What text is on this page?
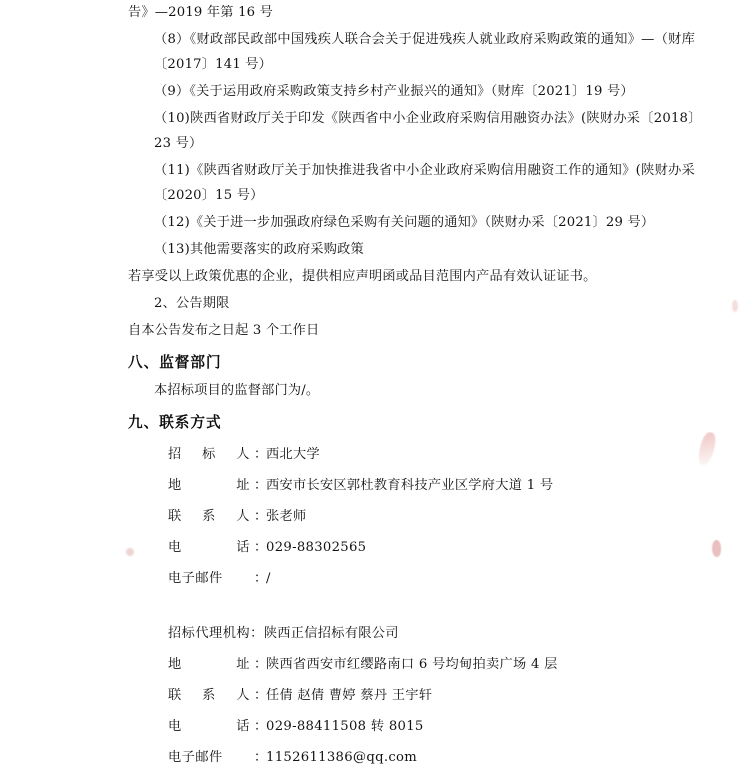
告》—2019 年第 16 号

（8）《财政部民政部中国残疾人联合会关于促进残疾人就业政府采购政策的通知》—（财库〔2017〕141 号）

（9）《关于运用政府采购政策支持乡村产业振兴的通知》（财库〔2021〕19 号）

（10)陕西省财政厅关于印发《陕西省中小企业政府采购信用融资办法》(陕财办采〔2018〕23 号）

（11)《陕西省财政厅关于加快推进我省中小企业政府采购信用融资工作的通知》(陕财办采〔2020〕15 号）

（12)《关于进一步加强政府绿色采购有关问题的通知》（陕财办采〔2021〕29 号）

（13)其他需要落实的政府采购政策

若享受以上政策优惠的企业，提供相应声明函或品目范围内产品有效认证证书。

2、公告期限

自本公告发布之日起 3 个工作日

八、监督部门

本招标项目的监督部门为/。

九、联系方式
招 标 人 ：
西北大学
地 址 ：
西安市长安区郭杜教育科技产业区学府大道 1 号
联 系 人 ：
张老师
电 话 ：
029-88302565
电子邮件	：
/
招标代理机构： 陕西正信招标有限公司
地 址 ：
陕西省西安市红缨路南口 6 号均甸拍卖广场 4 层
联 系 人 ：
任倩 赵倩 曹婷 蔡丹 王宇轩
电 话 ：
029-88411508 转 8015
电子邮件	：
1152611386@qq.com
